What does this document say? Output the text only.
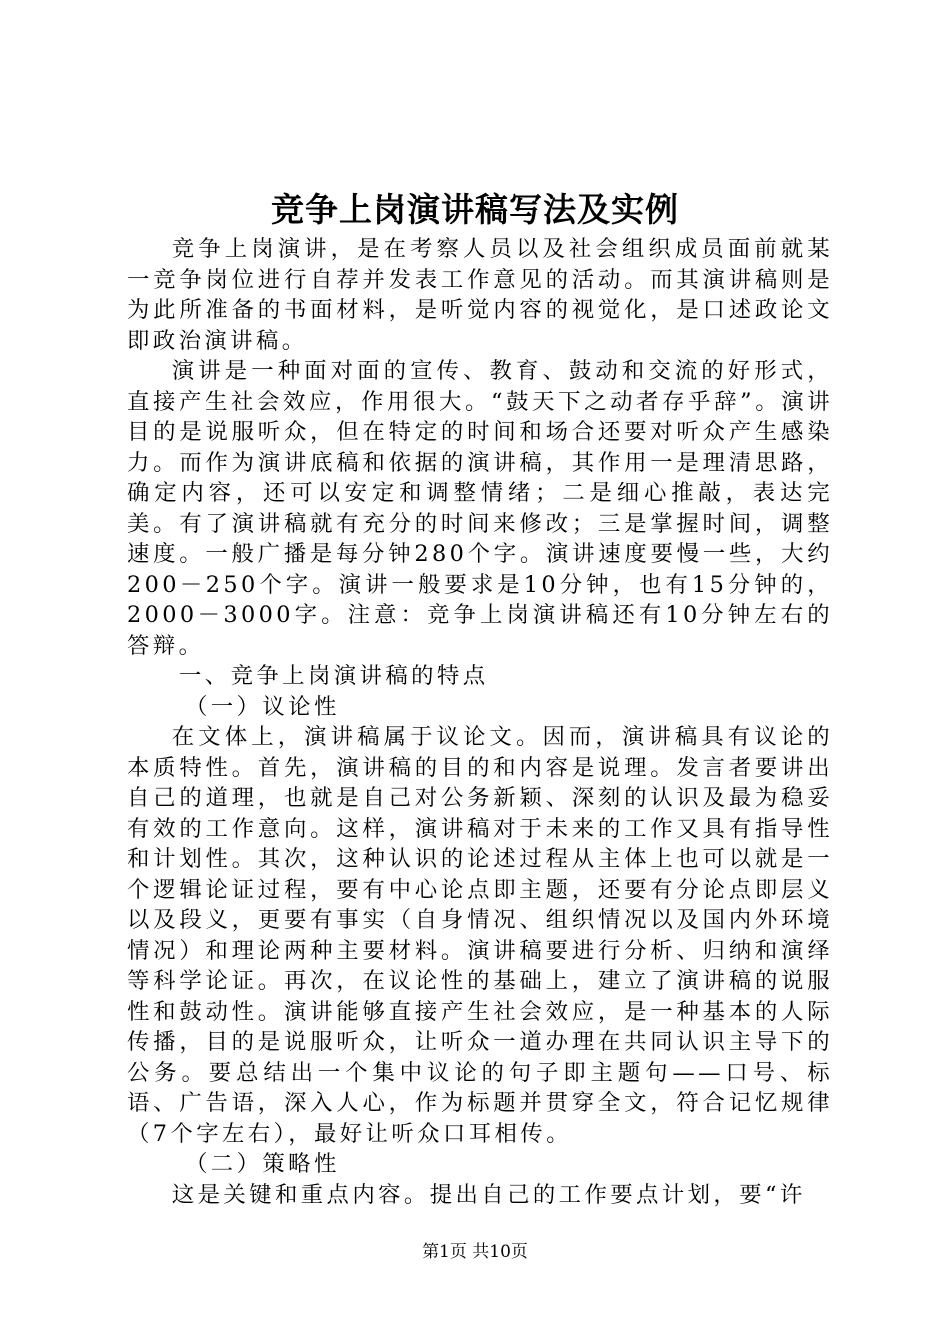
竞争上岗演讲稿写法及实例

竞争上岗演讲，是在考察人员以及社会组织成员面前就某一竞争岗位进行自荐并发表工作意见的活动。而其演讲稿则是为此所准备的书面材料，是听觉内容的视觉化，是口述政论文即政治演讲稿。

演讲是一种面对面的宣传、教育、鼓动和交流的好形式，直接产生社会效应，作用很大。“鼓天下之动者存乎辞”。演讲目的是说服听众，但在特定的时间和场合还要对听众产生感染力。而作为演讲底稿和依据的演讲稿，其作用一是理清思路，确定内容，还可以安定和调整情绪；二是细心推敲，表达完美。有了演讲稿就有充分的时间来修改；三是掌握时间，调整速度。一般广播是每分钟280个字。演讲速度要慢一些，大约200－250个字。演讲一般要求是10分钟，也有15分钟的，2000－3000字。注意：竞争上岗演讲稿还有10分钟左右的答辩。

一、竞争上岗演讲稿的特点

（一）议论性

在文体上，演讲稿属于议论文。因而，演讲稿具有议论的本质特性。首先，演讲稿的目的和内容是说理。发言者要讲出自己的道理，也就是自己对公务新颖、深刻的认识及最为稳妥有效的工作意向。这样，演讲稿对于未来的工作又具有指导性和计划性。其次，这种认识的论述过程从主体上也可以就是一个逻辑论证过程，要有中心论点即主题，还要有分论点即层义以及段义，更要有事实（自身情况、组织情况以及国内外环境情况）和理论两种主要材料。演讲稿要进行分析、归纳和演绎等科学论证。再次，在议论性的基础上，建立了演讲稿的说服性和鼓动性。演讲能够直接产生社会效应，是一种基本的人际传播，目的是说服听众，让听众一道办理在共同认识主导下的公务。要总结出一个集中议论的句子即主题句——口号、标语、广告语，深入人心，作为标题并贯穿全文，符合记忆规律（7个字左右），最好让听众口耳相传。

（二）策略性

这是关键和重点内容。提出自己的工作要点计划，要“许

第1页 共10页
